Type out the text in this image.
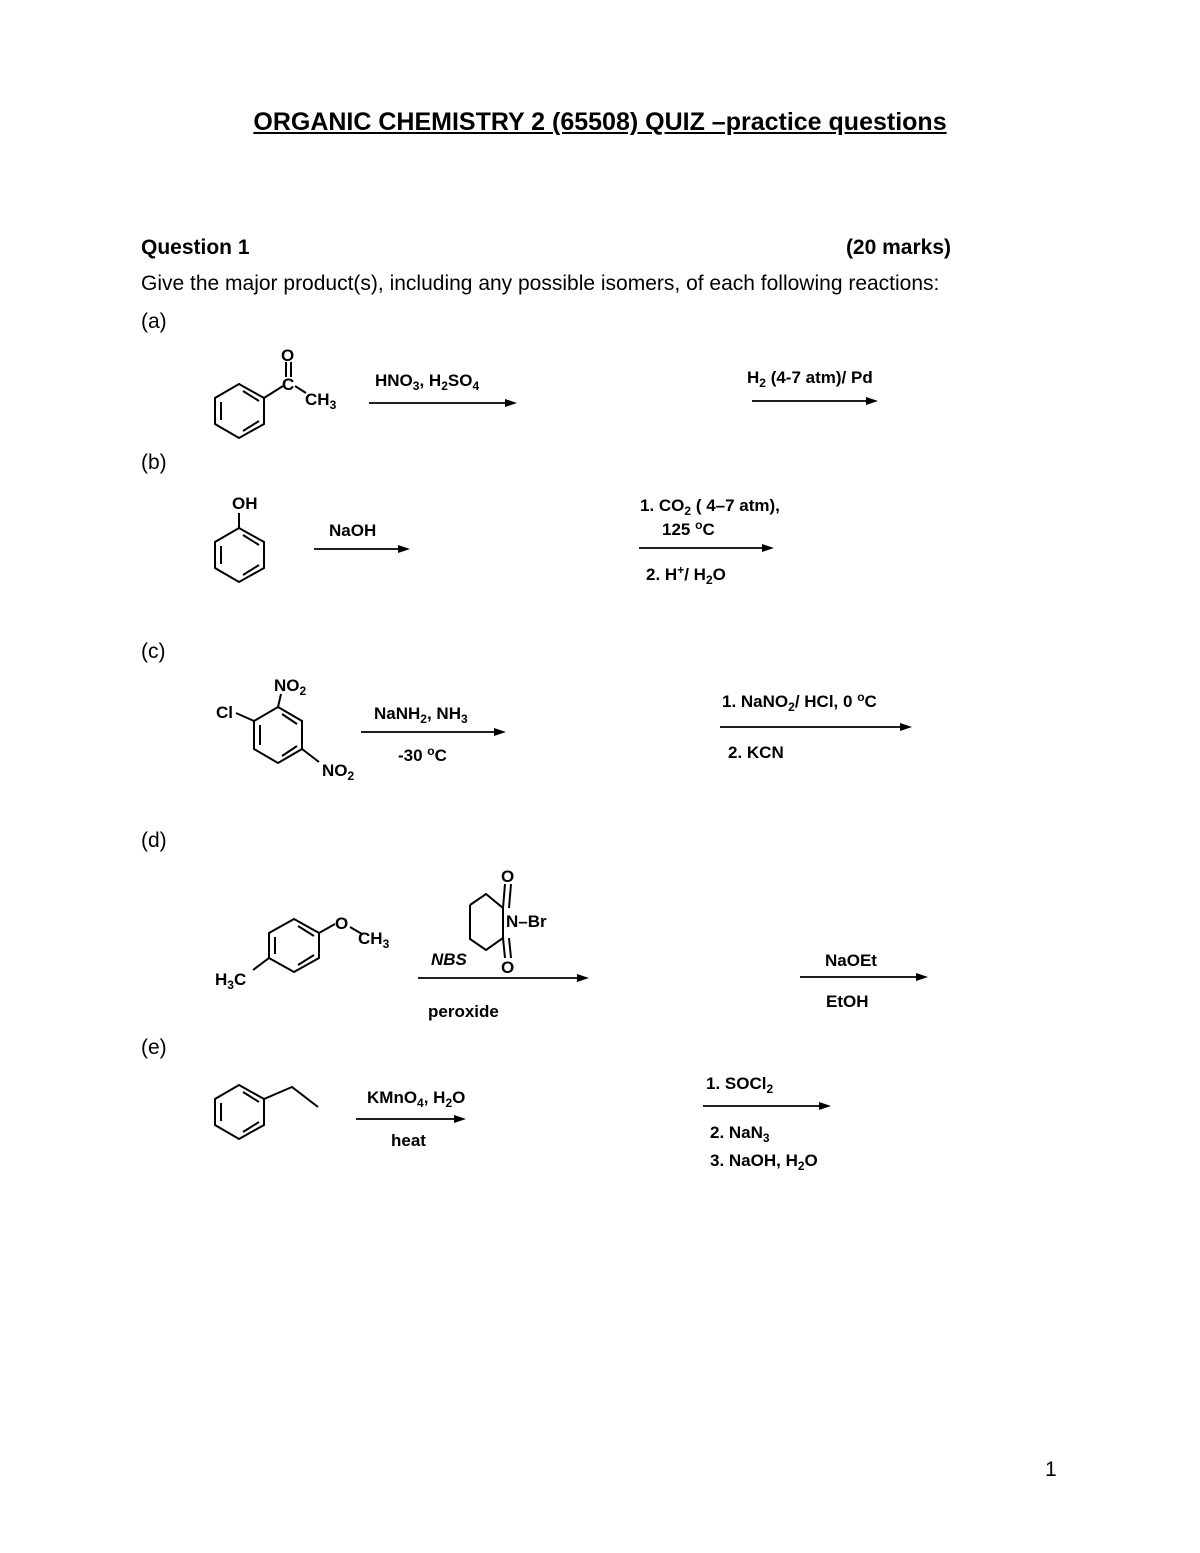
ORGANIC CHEMISTRY 2 (65508) QUIZ –practice questions
Question 1	(20 marks)
Give the major product(s), including any possible isomers, of each following reactions:
(a)
(b)
(c)
(d)
(e)
1
O
C
$CH_3$
$HNO_3$, $H_2SO_4$	$H_2$ (4-7 atm)/ Pd
OH
NaOH
1. $CO_2$ ( 4–7 atm),
125 $^o$C
2. H+/ $H_2O$
Cl
$NO_2$
$NO_2$
NaNH$_2$, $NH_3$
-30 $^o$C
1. NaNO$_2$/ HCl, 0 $^o$C
2. KCN
O
$CH_3$
$H_3C$
O
N–Br
O
NBS
peroxide
NaOEt
EtOH
KMnO$_4$, $H_2O$
heat
1. SOCl$_2$
2. NaN$_3$
3. NaOH, $H_2O$
